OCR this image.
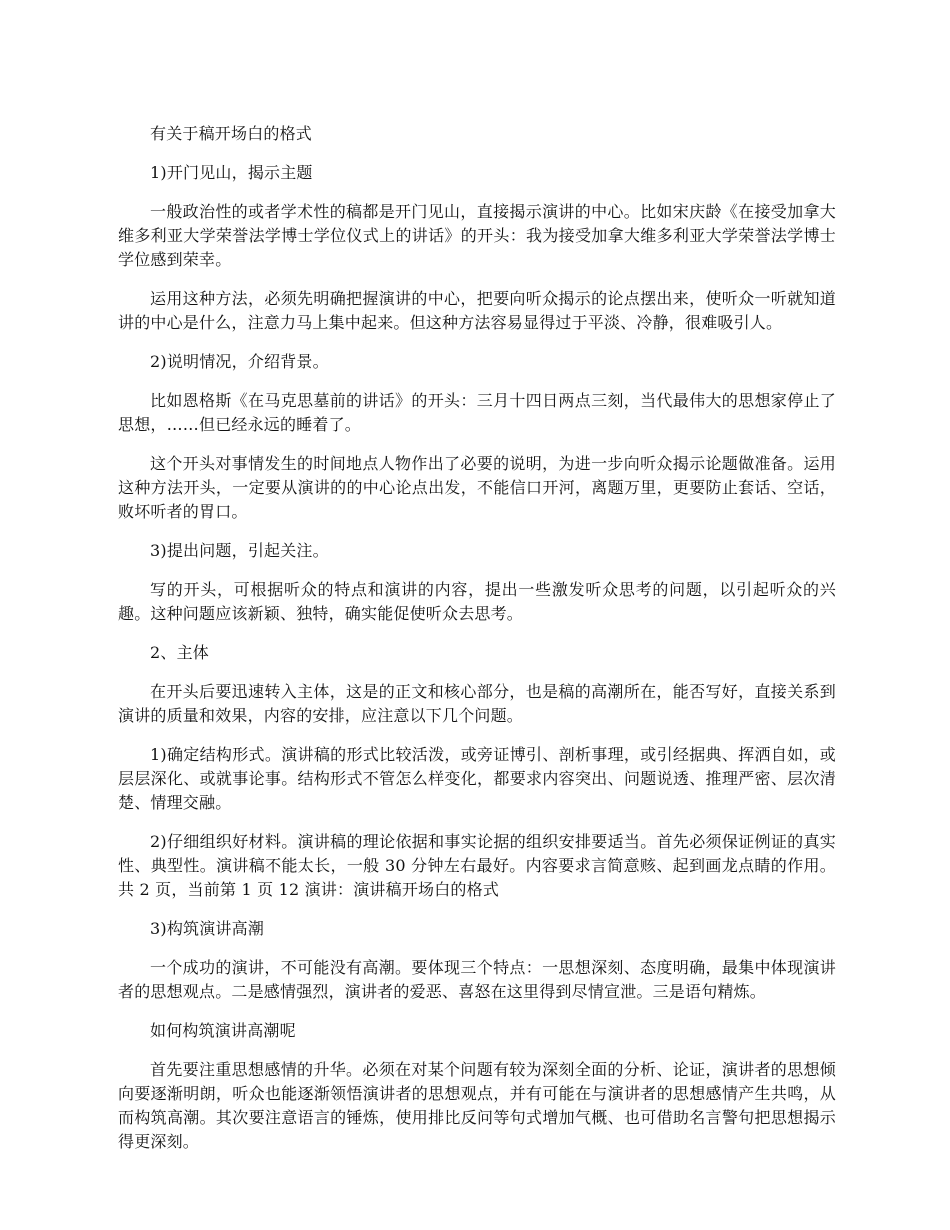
有关于稿开场白的格式

1)开门见山，揭示主题

一般政治性的或者学术性的稿都是开门见山，直接揭示演讲的中心。比如宋庆龄《在接受加拿大维多利亚大学荣誉法学博士学位仪式上的讲话》的开头：我为接受加拿大维多利亚大学荣誉法学博士学位感到荣幸。

运用这种方法，必须先明确把握演讲的中心，把要向听众揭示的论点摆出来，使听众一听就知道讲的中心是什么，注意力马上集中起来。但这种方法容易显得过于平淡、冷静，很难吸引人。

2)说明情况，介绍背景。

比如恩格斯《在马克思墓前的讲话》的开头：三月十四日两点三刻，当代最伟大的思想家停止了思想，……但已经永远的睡着了。

这个开头对事情发生的时间地点人物作出了必要的说明，为进一步向听众揭示论题做准备。运用这种方法开头，一定要从演讲的的中心论点出发，不能信口开河，离题万里，更要防止套话、空话，败坏听者的胃口。

3)提出问题，引起关注。

写的开头，可根据听众的特点和演讲的内容，提出一些激发听众思考的问题，以引起听众的兴趣。这种问题应该新颖、独特，确实能促使听众去思考。

2、主体

在开头后要迅速转入主体，这是的正文和核心部分，也是稿的高潮所在，能否写好，直接关系到演讲的质量和效果，内容的安排，应注意以下几个问题。

1)确定结构形式。演讲稿的形式比较活泼，或旁证博引、剖析事理，或引经据典、挥洒自如，或层层深化、或就事论事。结构形式不管怎么样变化，都要求内容突出、问题说透、推理严密、层次清楚、情理交融。

2)仔细组织好材料。演讲稿的理论依据和事实论据的组织安排要适当。首先必须保证例证的真实性、典型性。演讲稿不能太长，一般 30 分钟左右最好。内容要求言简意赅、起到画龙点睛的作用。共 2 页，当前第 1 页 12 演讲：演讲稿开场白的格式

3)构筑演讲高潮

一个成功的演讲，不可能没有高潮。要体现三个特点：一思想深刻、态度明确，最集中体现演讲者的思想观点。二是感情强烈，演讲者的爱恶、喜怒在这里得到尽情宣泄。三是语句精炼。

如何构筑演讲高潮呢

首先要注重思想感情的升华。必须在对某个问题有较为深刻全面的分析、论证，演讲者的思想倾向要逐渐明朗，听众也能逐渐领悟演讲者的思想观点，并有可能在与演讲者的思想感情产生共鸣，从而构筑高潮。其次要注意语言的锤炼，使用排比反问等句式增加气概、也可借助名言警句把思想揭示得更深刻。
